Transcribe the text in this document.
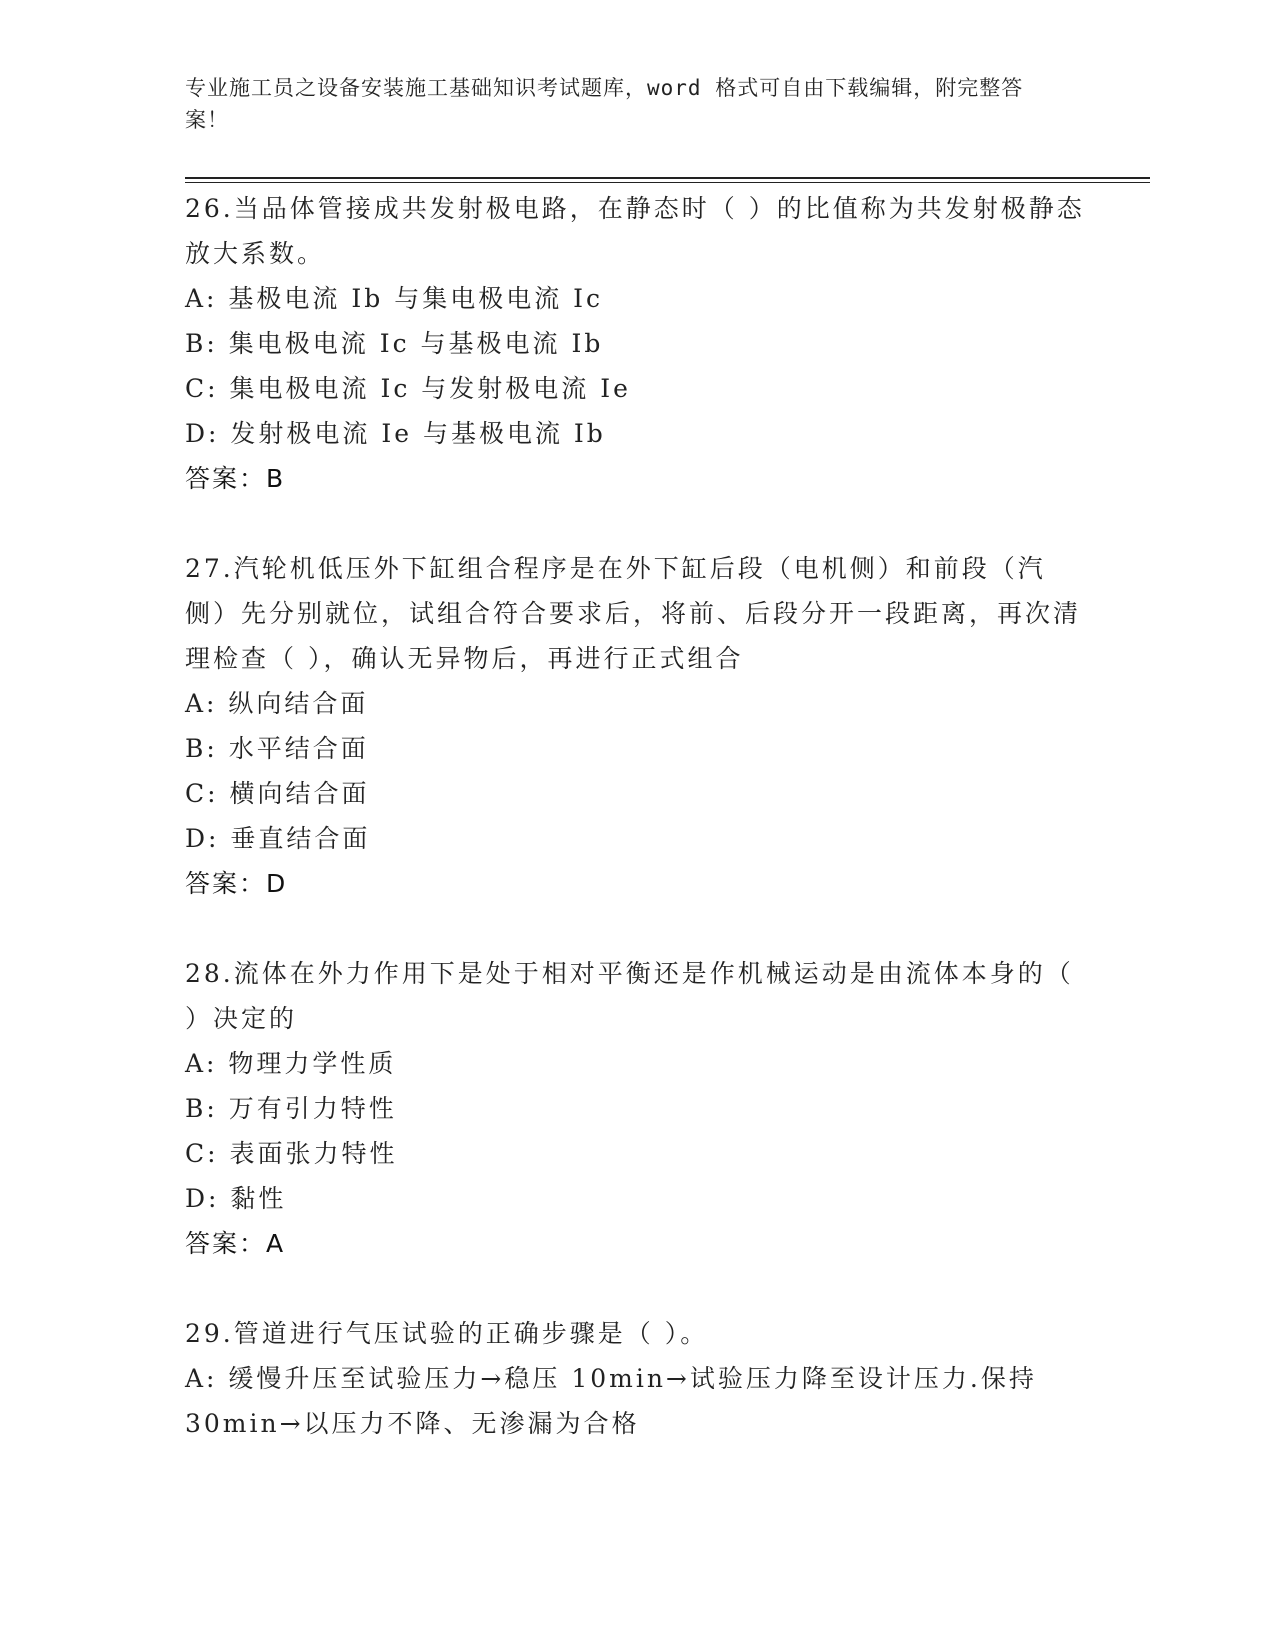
专业施工员之设备安装施工基础知识考试题库，word 格式可自由下载编辑，附完整答案！

26.当品体管接成共发射极电路，在静态时（ ）的比值称为共发射极静态放大系数。

A: 基极电流 Ib 与集电极电流 Ic

B: 集电极电流 Ic 与基极电流 Ib

C: 集电极电流 Ic 与发射极电流 Ie

D: 发射极电流 Ie 与基极电流 Ib

答案：B

27.汽轮机低压外下缸组合程序是在外下缸后段（电机侧）和前段（汽侧）先分别就位，试组合符合要求后，将前、后段分开一段距离，再次清理检查（ ），确认无异物后，再进行正式组合

A: 纵向结合面

B: 水平结合面

C: 横向结合面

D: 垂直结合面

答案：D

28.流体在外力作用下是处于相对平衡还是作机械运动是由流体本身的（ ）决定的

A: 物理力学性质

B: 万有引力特性

C: 表面张力特性

D: 黏性

答案：A

29.管道进行气压试验的正确步骤是（ ）。

A: 缓慢升压至试验压力→稳压 10min→试验压力降至设计压力.保持30min→以压力不降、无渗漏为合格
